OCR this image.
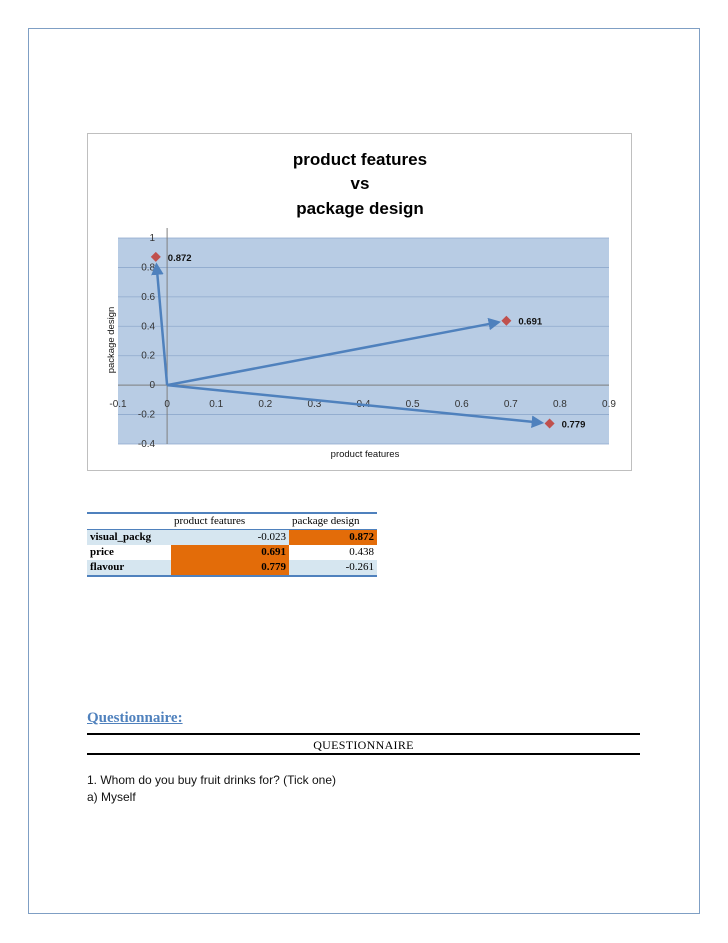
product features
vs
package design
-0.4
-0.2
0
0.2
0.4
0.6
0.8
1
-0.1	0	0.1	0.2	0.3	0.5	0.6	0.7	0.8	0.9
0.872
0.691
0.779
product features
package design
	product features	package design
visual_packg	-0.023	0.872
price	0.691	0.438
flavour	0.779	-0.261
Questionnaire:
QUESTIONNAIRE
1. Whom do you buy fruit drinks for? (Tick one)
a) Myself
